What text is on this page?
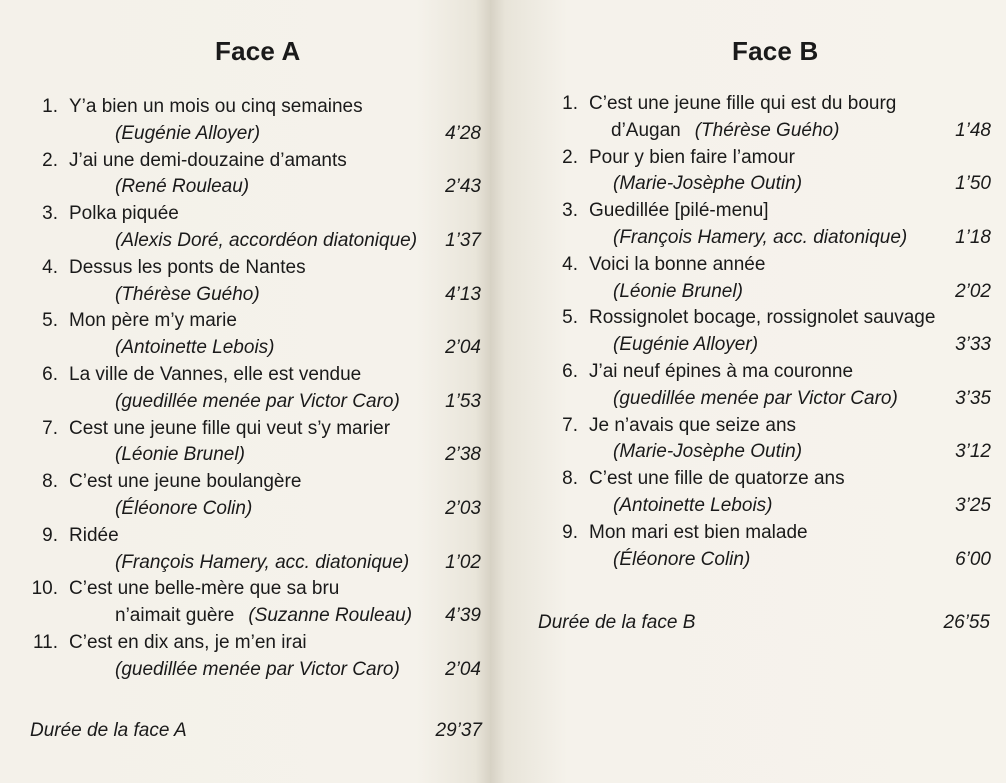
Face A
1. Y’a bien un mois ou cinq semaines
(Eugénie Alloyer)	4’28
2. J’ai une demi-douzaine d’amants
(René Rouleau)	2’43
3. Polka piquée
(Alexis Doré, accordéon diatonique) 1’37
4. Dessus les ponts de Nantes
(Thérèse Guého)	4’13
5. Mon père m’y marie
(Antoinette Lebois)	2’04
6. La ville de Vannes, elle est vendue
(guedillée menée par Victor Caro) 1’53
7. Cest une jeune fille qui veut s’y marier
(Léonie Brunel)	2’38
8. C’est une jeune boulangère
(Éléonore Colin)	2’03
9. Ridée
(François Hamery, acc. diatonique) 1’02
10. C’est une belle-mère que sa bru
n’aimait guère (Suzanne Rouleau) 4’39
11. C’est en dix ans, je m’en irai
(guedillée menée par Victor Caro) 2’04
Durée de la face A	29’37
Face B
1. C’est une jeune fille qui est du bourg
d’Augan (Thérèse Guého)	1’48
2. Pour y bien faire l’amour
(Marie-Josèphe Outin)	1’50
3. Guedillée [pilé-menu]
(François Hamery, acc. diatonique)	1’18
4. Voici la bonne année
(Léonie Brunel)	2’02
5. Rossignolet bocage, rossignolet sauvage
(Eugénie Alloyer)	3’33
6. J’ai neuf épines à ma couronne
(guedillée menée par Victor Caro)	3’35
7. Je n’avais que seize ans
(Marie-Josèphe Outin)	3’12
8. C’est une fille de quatorze ans
(Antoinette Lebois)	3’25
9. Mon mari est bien malade
(Éléonore Colin)	6’00
Durée de la face B	26’55
